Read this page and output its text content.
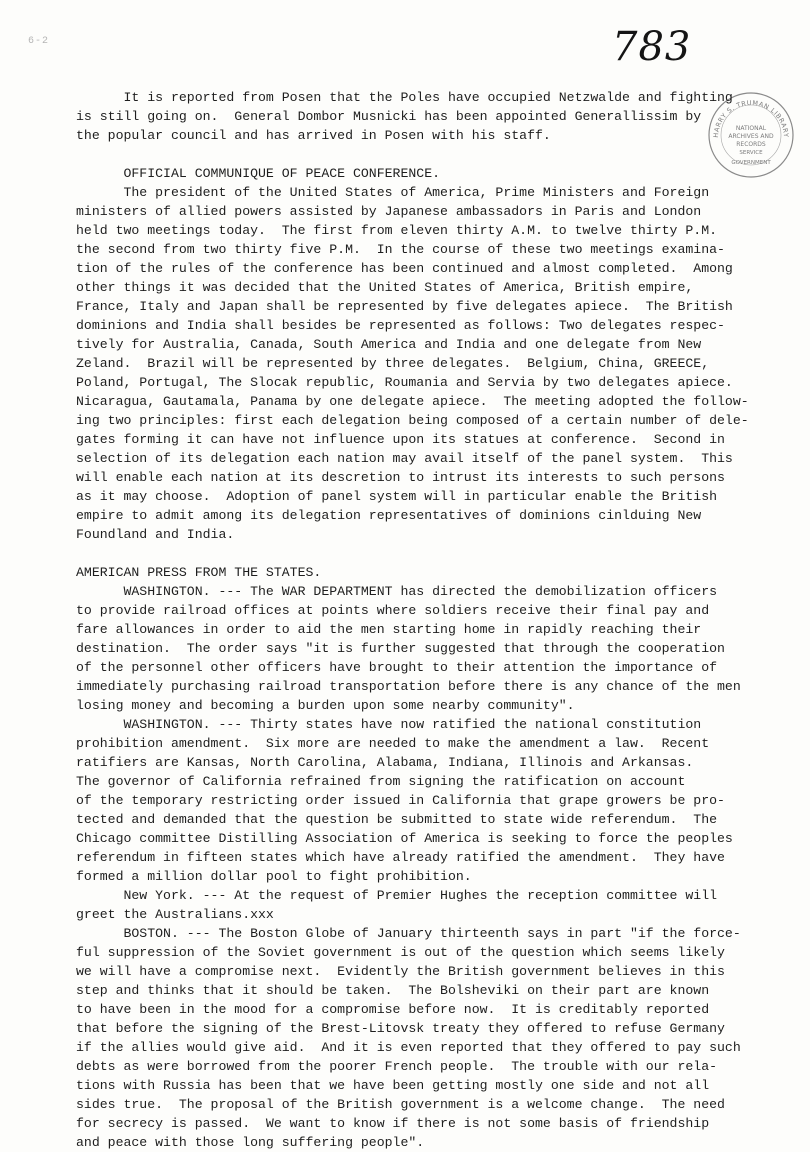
6-2	783
HARRY S. TRUMAN LIBRARY
NATIONAL
ARCHIVES AND
RECORDS
SERVICE
GOVERNMENT
It is reported from Posen that the Poles have occupied Netzwalde and fighting
is still going on.  General Dombor Musnicki has been appointed Generallissim by
the popular council and has arrived in Posen with his staff.
OFFICIAL COMMUNIQUE OF PEACE CONFERENCE.
The president of the United States of America, Prime Ministers and Foreign
ministers of allied powers assisted by Japanese ambassadors in Paris and London
held two meetings today.  The first from eleven thirty A.M. to twelve thirty P.M.
the second from two thirty five P.M.  In the course of these two meetings examina-
tion of the rules of the conference has been continued and almost completed.  Among
other things it was decided that the United States of America, British empire,
France, Italy and Japan shall be represented by five delegates apiece.  The British
dominions and India shall besides be represented as follows: Two delegates respec-
tively for Australia, Canada, South America and India and one delegate from New
Zeland.  Brazil will be represented by three delegates.  Belgium, China, GREECE,
Poland, Portugal, The Slocak republic, Roumania and Servia by two delegates apiece.
Nicaragua, Gautamala, Panama by one delegate apiece.  The meeting adopted the follow-
ing two principles: first each delegation being composed of a certain number of dele-
gates forming it can have not influence upon its statues at conference.  Second in
selection of its delegation each nation may avail itself of the panel system.  This
will enable each nation at its descretion to intrust its interests to such persons
as it may choose.  Adoption of panel system will in particular enable the British
empire to admit among its delegation representatives of dominions cinlduing New
Foundland and India.
AMERICAN PRESS FROM THE STATES.
WASHINGTON. --- The WAR DEPARTMENT has directed the demobilization officers
to provide railroad offices at points where soldiers receive their final pay and
fare allowances in order to aid the men starting home in rapidly reaching their
destination.  The order says "it is further suggested that through the cooperation
of the personnel other officers have brought to their attention the importance of
immediately purchasing railroad transportation before there is any chance of the men
losing money and becoming a burden upon some nearby community".
WASHINGTON. --- Thirty states have now ratified the national constitution
prohibition amendment.  Six more are needed to make the amendment a law.  Recent
ratifiers are Kansas, North Carolina, Alabama, Indiana, Illinois and Arkansas.
The governor of California refrained from signing the ratification on account
of the temporary restricting order issued in California that grape growers be pro-
tected and demanded that the question be submitted to state wide referendum.  The
Chicago committee Distilling Association of America is seeking to force the peoples
referendum in fifteen states which have already ratified the amendment.  They have
formed a million dollar pool to fight prohibition.
New York. --- At the request of Premier Hughes the reception committee will
greet the Australians.xxx
BOSTON. --- The Boston Globe of January thirteenth says in part "if the force-
ful suppression of the Soviet government is out of the question which seems likely
we will have a compromise next.  Evidently the British government believes in this
step and thinks that it should be taken.  The Bolsheviki on their part are known
to have been in the mood for a compromise before now.  It is creditably reported
that before the signing of the Brest-Litovsk treaty they offered to refuse Germany
if the allies would give aid.  And it is even reported that they offered to pay such
debts as were borrowed from the poorer French people.  The trouble with our rela-
tions with Russia has been that we have been getting mostly one side and not all
sides true.  The proposal of the British government is a welcome change.  The need
for secrecy is passed.  We want to know if there is not some basis of friendship
and peace with those long suffering people".
